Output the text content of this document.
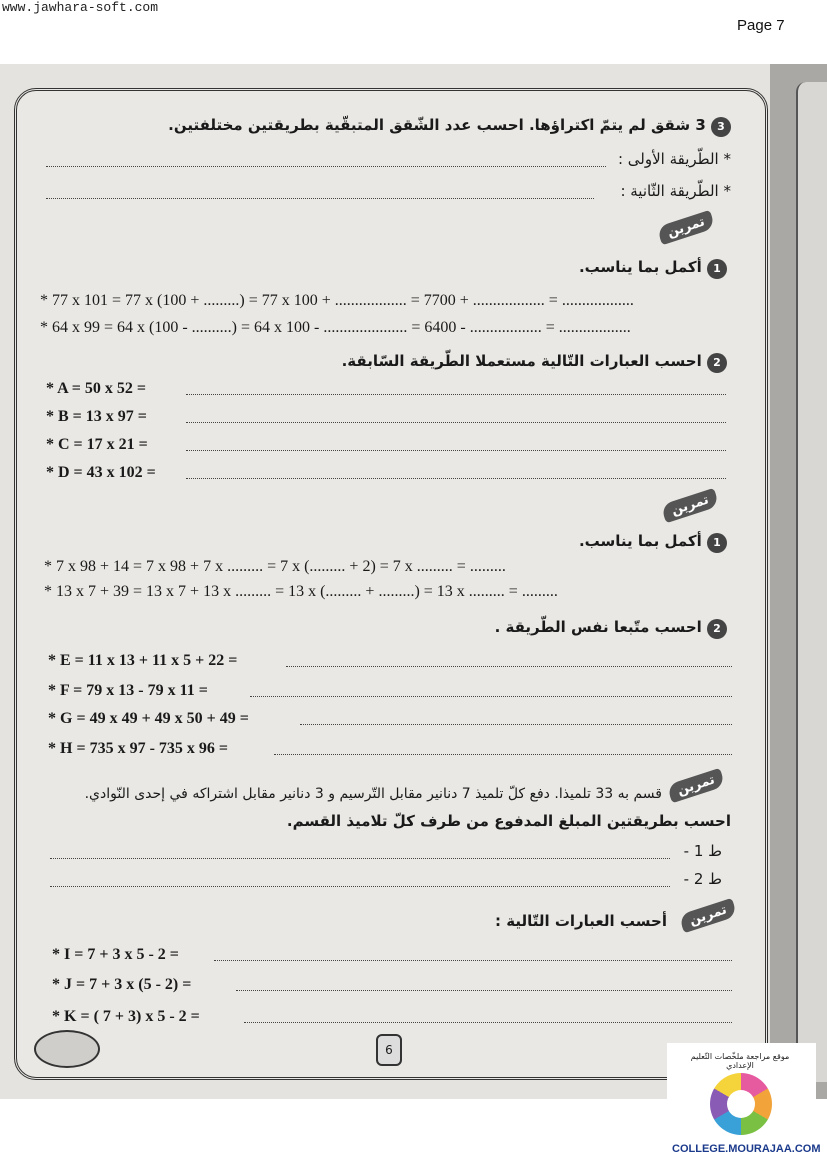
www.jawhara-soft.com
Page 7
3 3 شقق لم يتمّ اكتراؤها. احسب عدد الشّقق المتبقّية بطريقتين مختلفتين.
* الطّريقة الأولى :
* الطّريقة الثّانية :
تمرين
1 أكمل بما يناسب.
* 77 x 101 = 77 x (100 + .........) = 77 x 100 + .................. = 7700 + .................. = ..................
* 64 x 99 = 64 x (100 - ..........) = 64 x 100 - ..................... = 6400 - .................. = ..................
2 احسب العبارات التّالية مستعملا الطّريقة السّابقة.
* A = 50 x 52 =
* B = 13 x 97 =
* C = 17 x 21 =
* D = 43 x 102 =
تمرين
1 أكمل بما يناسب.
* 7 x 98 + 14 = 7 x 98 + 7 x ......... = 7 x (......... + 2) = 7 x ......... = .........
* 13 x 7 + 39 = 13 x 7 + 13 x ......... = 13 x (......... + .........) = 13 x ......... = .........
2 احسب متّبعا نفس الطّريقة .
* E = 11 x 13 + 11 x 5 + 22 =
* F = 79 x 13 - 79 x 11 =
* G = 49 x 49 + 49 x 50 + 49 =
* H = 735 x 97 - 735 x 96 =
تمرين
قسم به 33 تلميذا. دفع كلّ تلميذ 7 دنانير مقابل التّرسيم و 3 دنانير مقابل اشتراكه في إحدى النّوادي.
احسب بطريقتين المبلغ المدفوع من طرف كلّ تلاميذ القسم.
ط 1 -
ط 2 -
تمرين
أحسب العبارات التّالية :
* I = 7 + 3 x 5 - 2 =
* J = 7 + 3 x (5 - 2) =
* K = ( 7 + 3) x 5 - 2 =
6	موقع مراجعة ملخّصات التّعليم الإعدادي
COLLEGE.MOURAJAA.COM
